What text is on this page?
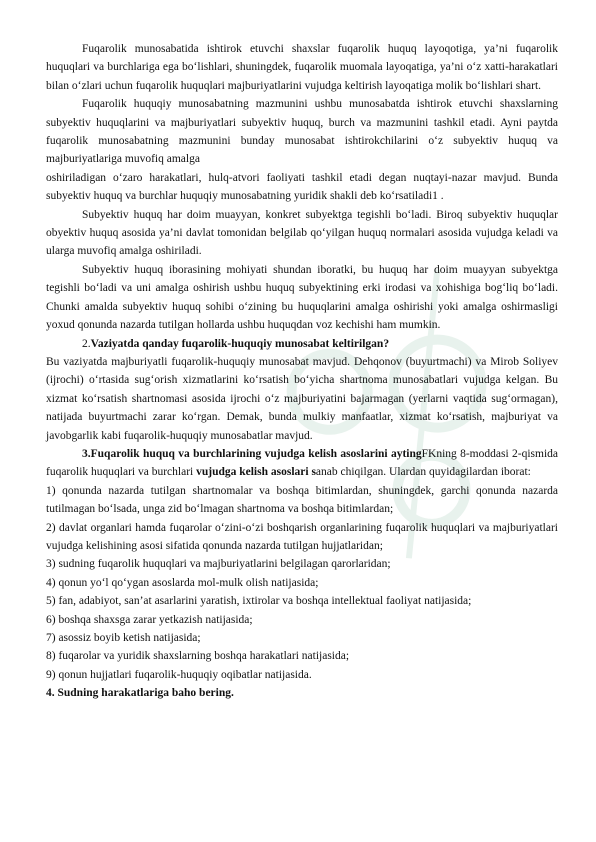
Fuqarolik munosabatida ishtirok etuvchi shaxslar fuqarolik huquq layoqotiga, ya’ni fuqarolik huquqlari va burchlariga ega bo‘lishlari, shuningdek, fuqarolik muomala layoqatiga, ya’ni o‘z xatti-harakatlari bilan o‘zlari uchun fuqarolik huquqlari majburiyatlarini vujudga keltirish layoqatiga molik bo‘lishlari shart.

Fuqarolik huquqiy munosabatning mazmunini ushbu munosabatda ishtirok etuvchi shaxslarning subyektiv huquqlarini va majburiyatlari subyektiv huquq, burch va mazmunini tashkil etadi. Ayni paytda fuqarolik munosabatning mazmunini bunday munosabat ishtirokchilarini o‘z subyektiv huquq va majburiyatlariga muvofiq amalga

oshiriladigan o‘zaro harakatlari, hulq-atvori faoliyati tashkil etadi degan nuqtayi-nazar mavjud. Bunda subyektiv huquq va burchlar huquqiy munosabatning yuridik shakli deb ko‘rsatiladi1 .

Subyektiv huquq har doim muayyan, konkret subyektga tegishli bo‘ladi. Biroq subyektiv huquqlar obyektiv huquq asosida ya’ni davlat tomonidan belgilab qo‘yilgan huquq normalari asosida vujudga keladi va ularga muvofiq amalga oshiriladi.

Subyektiv huquq iborasining mohiyati shundan iboratki, bu huquq har doim muayyan subyektga tegishli bo‘ladi va uni amalga oshirish ushbu huquq subyektining erki irodasi va xohishiga bog‘liq bo‘ladi. Chunki amalda subyektiv huquq sohibi o‘zining bu huquqlarini amalga oshirishi yoki amalga oshirmasligi yoxud qonunda nazarda tutilgan hollarda ushbu huquqdan voz kechishi ham mumkin.

2.Vaziyatda qanday fuqarolik-huquqiy munosabat keltirilgan?

Bu vaziyatda majburiyatli fuqarolik-huquqiy munosabat mavjud. Dehqonov (buyurtmachi) va Mirob Soliyev (ijrochi) o‘rtasida sug‘orish xizmatlarini ko‘rsatish bo‘yicha shartnoma munosabatlari vujudga kelgan. Bu xizmat ko‘rsatish shartnomasi asosida ijrochi o‘z majburiyatini bajarmagan (yerlarni vaqtida sug‘ormagan), natijada buyurtmachi zarar ko‘rgan. Demak, bunda mulkiy manfaatlar, xizmat ko‘rsatish, majburiyat va javobgarlik kabi fuqarolik-huquqiy munosabatlar mavjud.

3.Fuqarolik huquq va burchlarining vujudga kelish asoslarini aytingFKning 8-moddasi 2-qismida fuqarolik huquqlari va burchlari vujudga kelish asoslari sanab chiqilgan. Ulardan quyidagilardan iborat:

1) qonunda nazarda tutilgan shartnomalar va boshqa bitimlardan, shuningdek, garchi qonunda nazarda tutilmagan bo‘lsada, unga zid bo‘lmagan shartnoma va boshqa bitimlardan;

2) davlat organlari hamda fuqarolar o‘zini-o‘zi boshqarish organlarining fuqarolik huquqlari va majburiyatlari vujudga kelishining asosi sifatida qonunda nazarda tutilgan hujjatlaridan;

3) sudning fuqarolik huquqlari va majburiyatlarini belgilagan qarorlaridan;

4) qonun yo‘l qo‘ygan asoslarda mol-mulk olish natijasida;

5) fan, adabiyot, san’at asarlarini yaratish, ixtirolar va boshqa intellektual faoliyat natijasida;

6) boshqa shaxsga zarar yetkazish natijasida;

7) asossiz boyib ketish natijasida;

8) fuqarolar va yuridik shaxslarning boshqa harakatlari natijasida;

9) qonun hujjatlari fuqarolik-huquqiy oqibatlar natijasida.

4. Sudning harakatlariga baho bering.
